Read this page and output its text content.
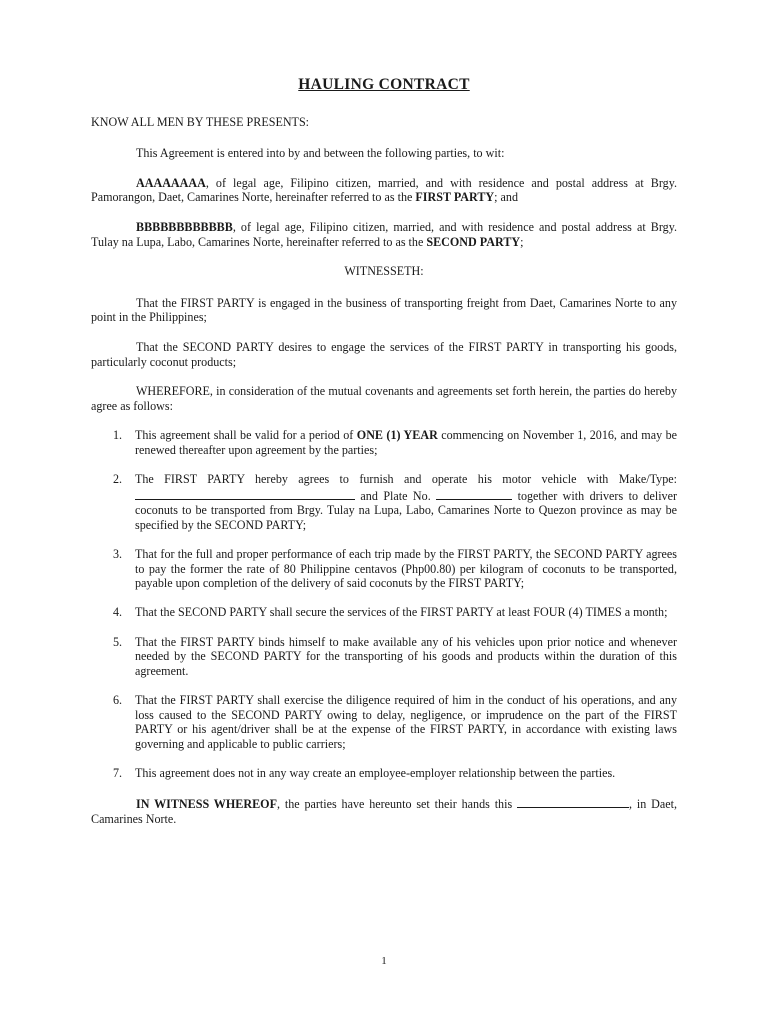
HAULING CONTRACT
KNOW ALL MEN BY THESE PRESENTS:
This Agreement is entered into by and between the following parties, to wit:
AAAAAAAA, of legal age, Filipino citizen, married, and with residence and postal address at Brgy. Pamorangon, Daet, Camarines Norte, hereinafter referred to as the FIRST PARTY; and
BBBBBBBBBBBB, of legal age, Filipino citizen, married, and with residence and postal address at Brgy. Tulay na Lupa, Labo, Camarines Norte, hereinafter referred to as the SECOND PARTY;
WITNESSETH:
That the FIRST PARTY is engaged in the business of transporting freight from Daet, Camarines Norte to any point in the Philippines;
That the SECOND PARTY desires to engage the services of the FIRST PARTY in transporting his goods, particularly coconut products;
WHEREFORE, in consideration of the mutual covenants and agreements set forth herein, the parties do hereby agree as follows:
1. This agreement shall be valid for a period of ONE (1) YEAR commencing on November 1, 2016, and may be renewed thereafter upon agreement by the parties;
2. The FIRST PARTY hereby agrees to furnish and operate his motor vehicle with Make/Type:  and Plate No.	together with drivers to deliver coconuts to be transported from Brgy. Tulay na Lupa, Labo, Camarines Norte to Quezon province as may be specified by the SECOND PARTY;
3. That for the full and proper performance of each trip made by the FIRST PARTY, the SECOND PARTY agrees to pay the former the rate of 80 Philippine centavos (Php00.80) per kilogram of coconuts to be transported, payable upon completion of the delivery of said coconuts by the FIRST PARTY;
4. That the SECOND PARTY shall secure the services of the FIRST PARTY at least FOUR (4) TIMES a month;
5. That the FIRST PARTY binds himself to make available any of his vehicles upon prior notice and whenever needed by the SECOND PARTY for the transporting of his goods and products within the duration of this agreement.
6. That the FIRST PARTY shall exercise the diligence required of him in the conduct of his operations, and any loss caused to the SECOND PARTY owing to delay, negligence, or imprudence on the part of the FIRST PARTY or his agent/driver shall be at the expense of the FIRST PARTY, in accordance with existing laws governing and applicable to public carriers;
7. This agreement does not in any way create an employee-employer relationship between the parties.
IN WITNESS WHEREOF, the parties have hereunto set their hands this	, in Daet, Camarines Norte.
1
